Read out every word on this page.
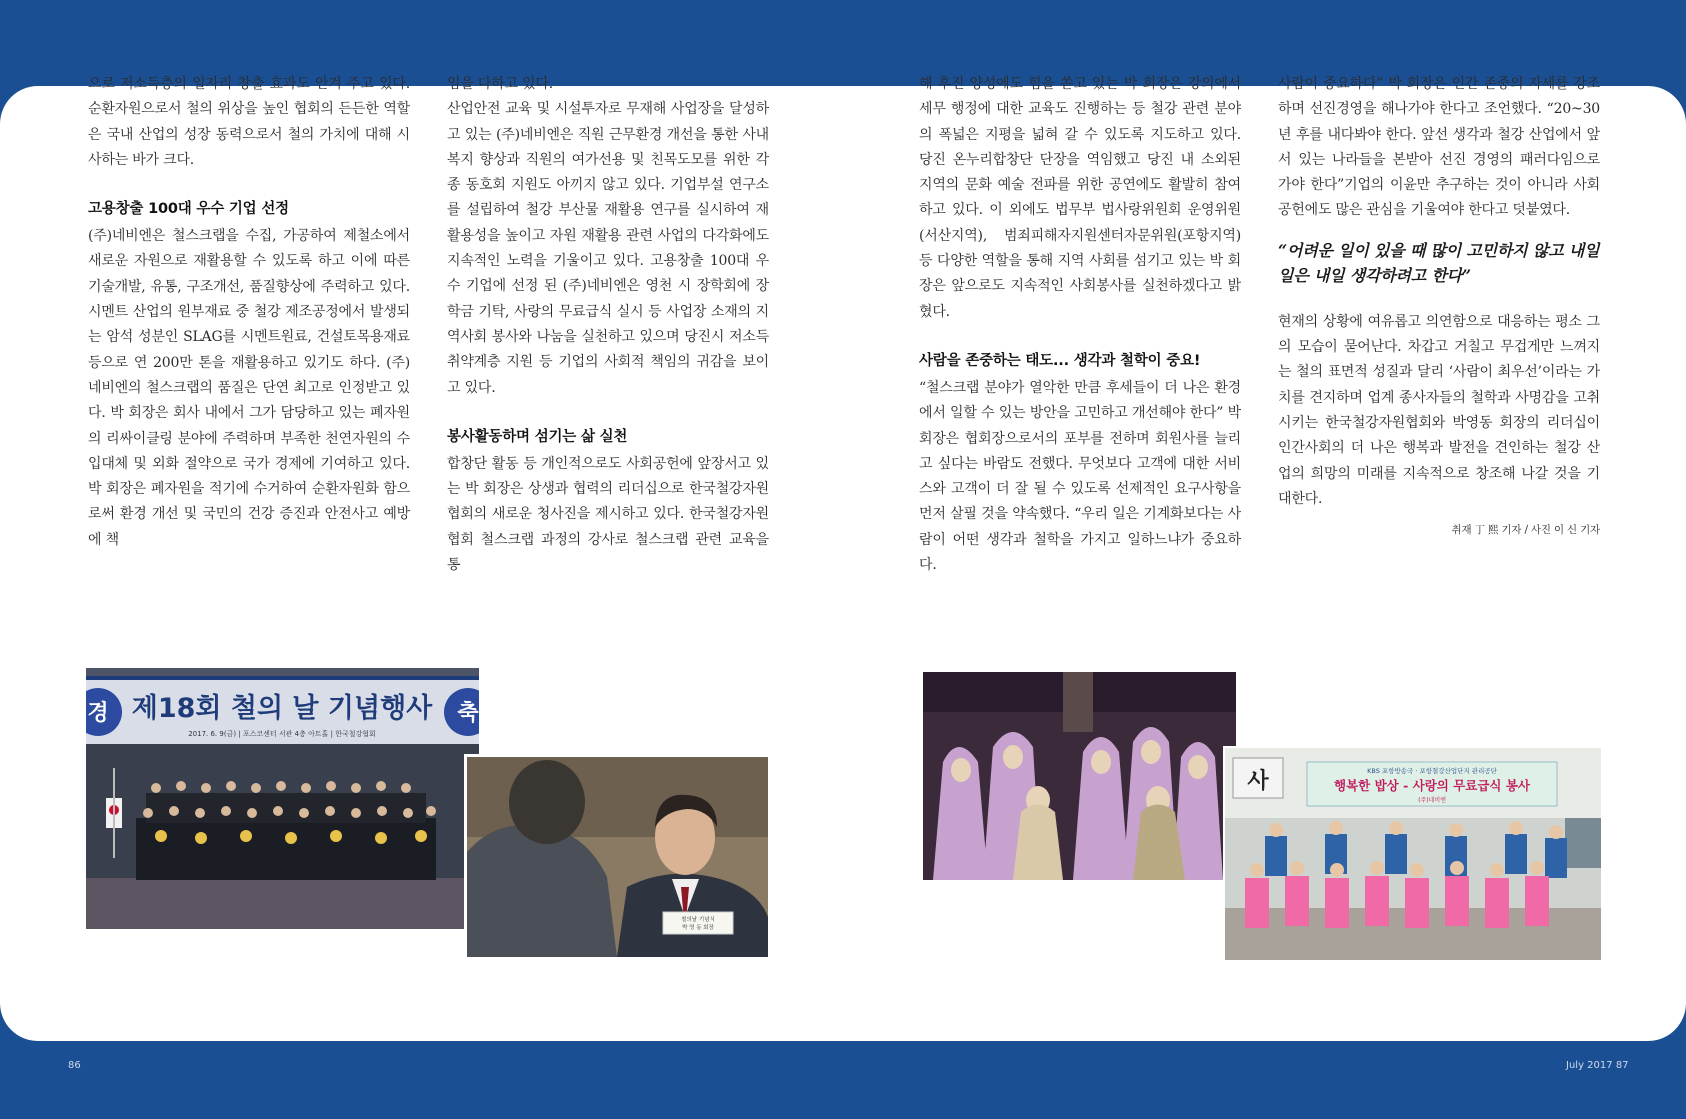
으로 저소득층의 일자리 창출 효과도 안겨 주고 있다. 순환자원으로서 철의 위상을 높인 협회의 든든한 역할은 국내 산업의 성장 동력으로서 철의 가치에 대해 시사하는 바가 크다.

고용창출 100대 우수 기업 선정

(주)네비엔은 철스크랩을 수집, 가공하여 제철소에서 새로운 자원으로 재활용할 수 있도록 하고 이에 따른 기술개발, 유통, 구조개선, 품질향상에 주력하고 있다. 시멘트 산업의 원부재료 중 철강 제조공정에서 발생되는 암석 성분인 SLAG를 시멘트원료, 건설토목용재료 등으로 연 200만 톤을 재활용하고 있기도 하다. (주)네비엔의 철스크랩의 품질은 단연 최고로 인정받고 있다. 박 회장은 회사 내에서 그가 담당하고 있는 폐자원의 리싸이클링 분야에 주력하며 부족한 천연자원의 수입대체 및 외화 절약으로 국가 경제에 기여하고 있다. 박 회장은 폐자원을 적기에 수거하여 순환자원화 함으로써 환경 개선 및 국민의 건강 증진과 안전사고 예방에 책

임을 다하고 있다.

산업안전 교육 및 시설투자로 무재해 사업장을 달성하고 있는 (주)네비엔은 직원 근무환경 개선을 통한 사내복지 향상과 직원의 여가선용 및 친목도모를 위한 각종 동호회 지원도 아끼지 않고 있다. 기업부설 연구소를 설립하여 철강 부산물 재활용 연구를 실시하여 재활용성을 높이고 자원 재활용 관련 사업의 다각화에도 지속적인 노력을 기울이고 있다. 고용창출 100대 우수 기업에 선정 된 (주)네비엔은 영천 시 장학회에 장학금 기탁, 사랑의 무료급식 실시 등 사업장 소재의 지역사회 봉사와 나눔을 실천하고 있으며 당진시 저소득 취약계층 지원 등 기업의 사회적 책임의 귀감을 보이고 있다.

봉사활동하며 섬기는 삶 실천

합창단 활동 등 개인적으로도 사회공헌에 앞장서고 있는 박 회장은 상생과 협력의 리더십으로 한국철강자원협회의 새로운 청사진을 제시하고 있다. 한국철강자원협회 철스크랩 과정의 강사로 철스크랩 관련 교육을 통

해 후진 양성에도 힘을 쏟고 있는 박 회장은 강의에서 세무 행정에 대한 교육도 진행하는 등 철강 관련 분야의 폭넓은 지평을 넓혀 갈 수 있도록 지도하고 있다. 당진 온누리합창단 단장을 역임했고 당진 내 소외된 지역의 문화 예술 전파를 위한 공연에도 활발히 참여하고 있다. 이 외에도 법무부 법사랑위원회 운영위원(서산지역), 범죄피해자지원센터자문위원(포항지역) 등 다양한 역할을 통해 지역 사회를 섬기고 있는 박 회장은 앞으로도 지속적인 사회봉사를 실천하겠다고 밝혔다.

사람을 존중하는 태도... 생각과 철학이 중요!

“철스크랩 분야가 열악한 만큼 후세들이 더 나은 환경에서 일할 수 있는 방안을 고민하고 개선해야 한다” 박 회장은 협회장으로서의 포부를 전하며 회원사를 늘리고 싶다는 바람도 전했다. 무엇보다 고객에 대한 서비스와 고객이 더 잘 될 수 있도록 선제적인 요구사항을 먼저 살필 것을 약속했다. “우리 일은 기계화보다는 사람이 어떤 생각과 철학을 가지고 일하느냐가 중요하다.

사람이 중요하다” 박 회장은 인간 존중의 자세를 강조하며 선진경영을 해나가야 한다고 조언했다. “20~30년 후를 내다봐야 한다. 앞선 생각과 철강 산업에서 앞서 있는 나라들을 본받아 선진 경영의 패러다임으로 가야 한다”기업의 이윤만 추구하는 것이 아니라 사회공헌에도 많은 관심을 기울여야 한다고 덧붙였다.

“어려운 일이 있을 때 많이 고민하지 않고 내일 일은 내일 생각하려고 한다”

현재의 상황에 여유롭고 의연함으로 대응하는 평소 그의 모습이 묻어난다. 차갑고 거칠고 무겁게만 느껴지는 철의 표면적 성질과 달리 ‘사람이 최우선’이라는 가치를 견지하며 업계 종사자들의 철학과 사명감을 고취시키는 한국철강자원협회와 박영동 회장의 리더십이 인간사회의 더 나은 행복과 발전을 견인하는 철강 산업의 희망의 미래를 지속적으로 창조해 나갈 것을 기대한다.

취재 丁 熙 기자 / 사진 이 신 기자
경	축
제18회 철의 날 기념행사
2017. 6. 9(금) | 포스코센터 서관 4층 아트홀 | 한국철강협회
철의날 기념식
박 영 동 회장
사	KBS 포항방송국 · 포항철강산업단지 관리공단
행복한 밥상 - 사랑의 무료급식 봉사
(주)네비엔
86	July 2017 87
